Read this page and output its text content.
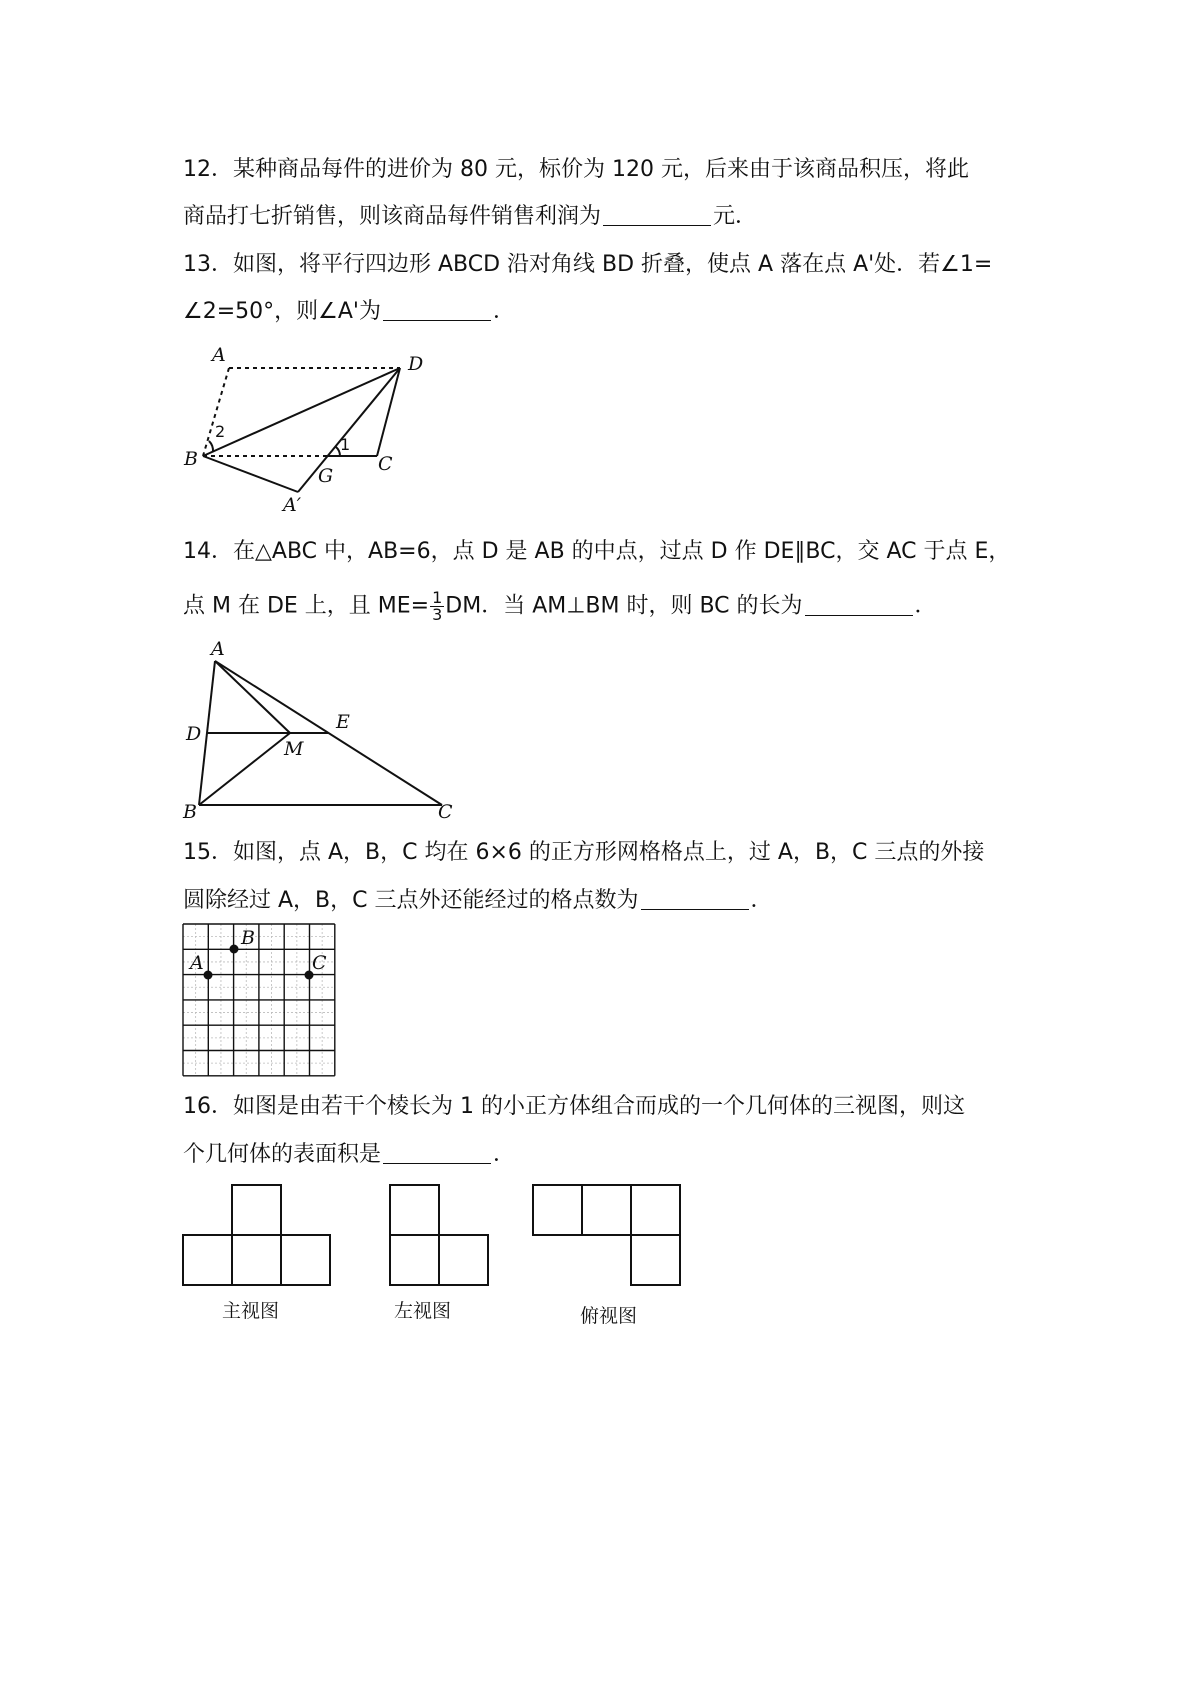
12．某种商品每件的进价为 80 元，标价为 120 元，后来由于该商品积压，将此
商品打七折销售，则该商品每件销售利润为	元．
13．如图，将平行四边形 ABCD 沿对角线 BD 折叠，使点 A 落在点 A'处．若∠1=
∠2=50°，则∠A'为	．
A	D
B	C
G
A′
1
2
14．在△ABC 中，AB=6，点 D 是 AB 的中点，过点 D 作 DE∥BC，交 AC 于点 E，
点 M 在 DE 上，且 $ME= \frac{1}{3}$ DM．当 AM⊥BM 时，则 BC 的长为	．
A
D
E
M
B	C
15．如图，点 A，B，C 均在 6×6 的正方形网格格点上，过 A，B，C 三点的外接
圆除经过 A，B，C 三点外还能经过的格点数为	．
A
B
C
16．如图是由若干个棱长为 1 的小正方体组合而成的一个几何体的三视图，则这
个几何体的表面积是	．
主视图	左视图	俯视图
